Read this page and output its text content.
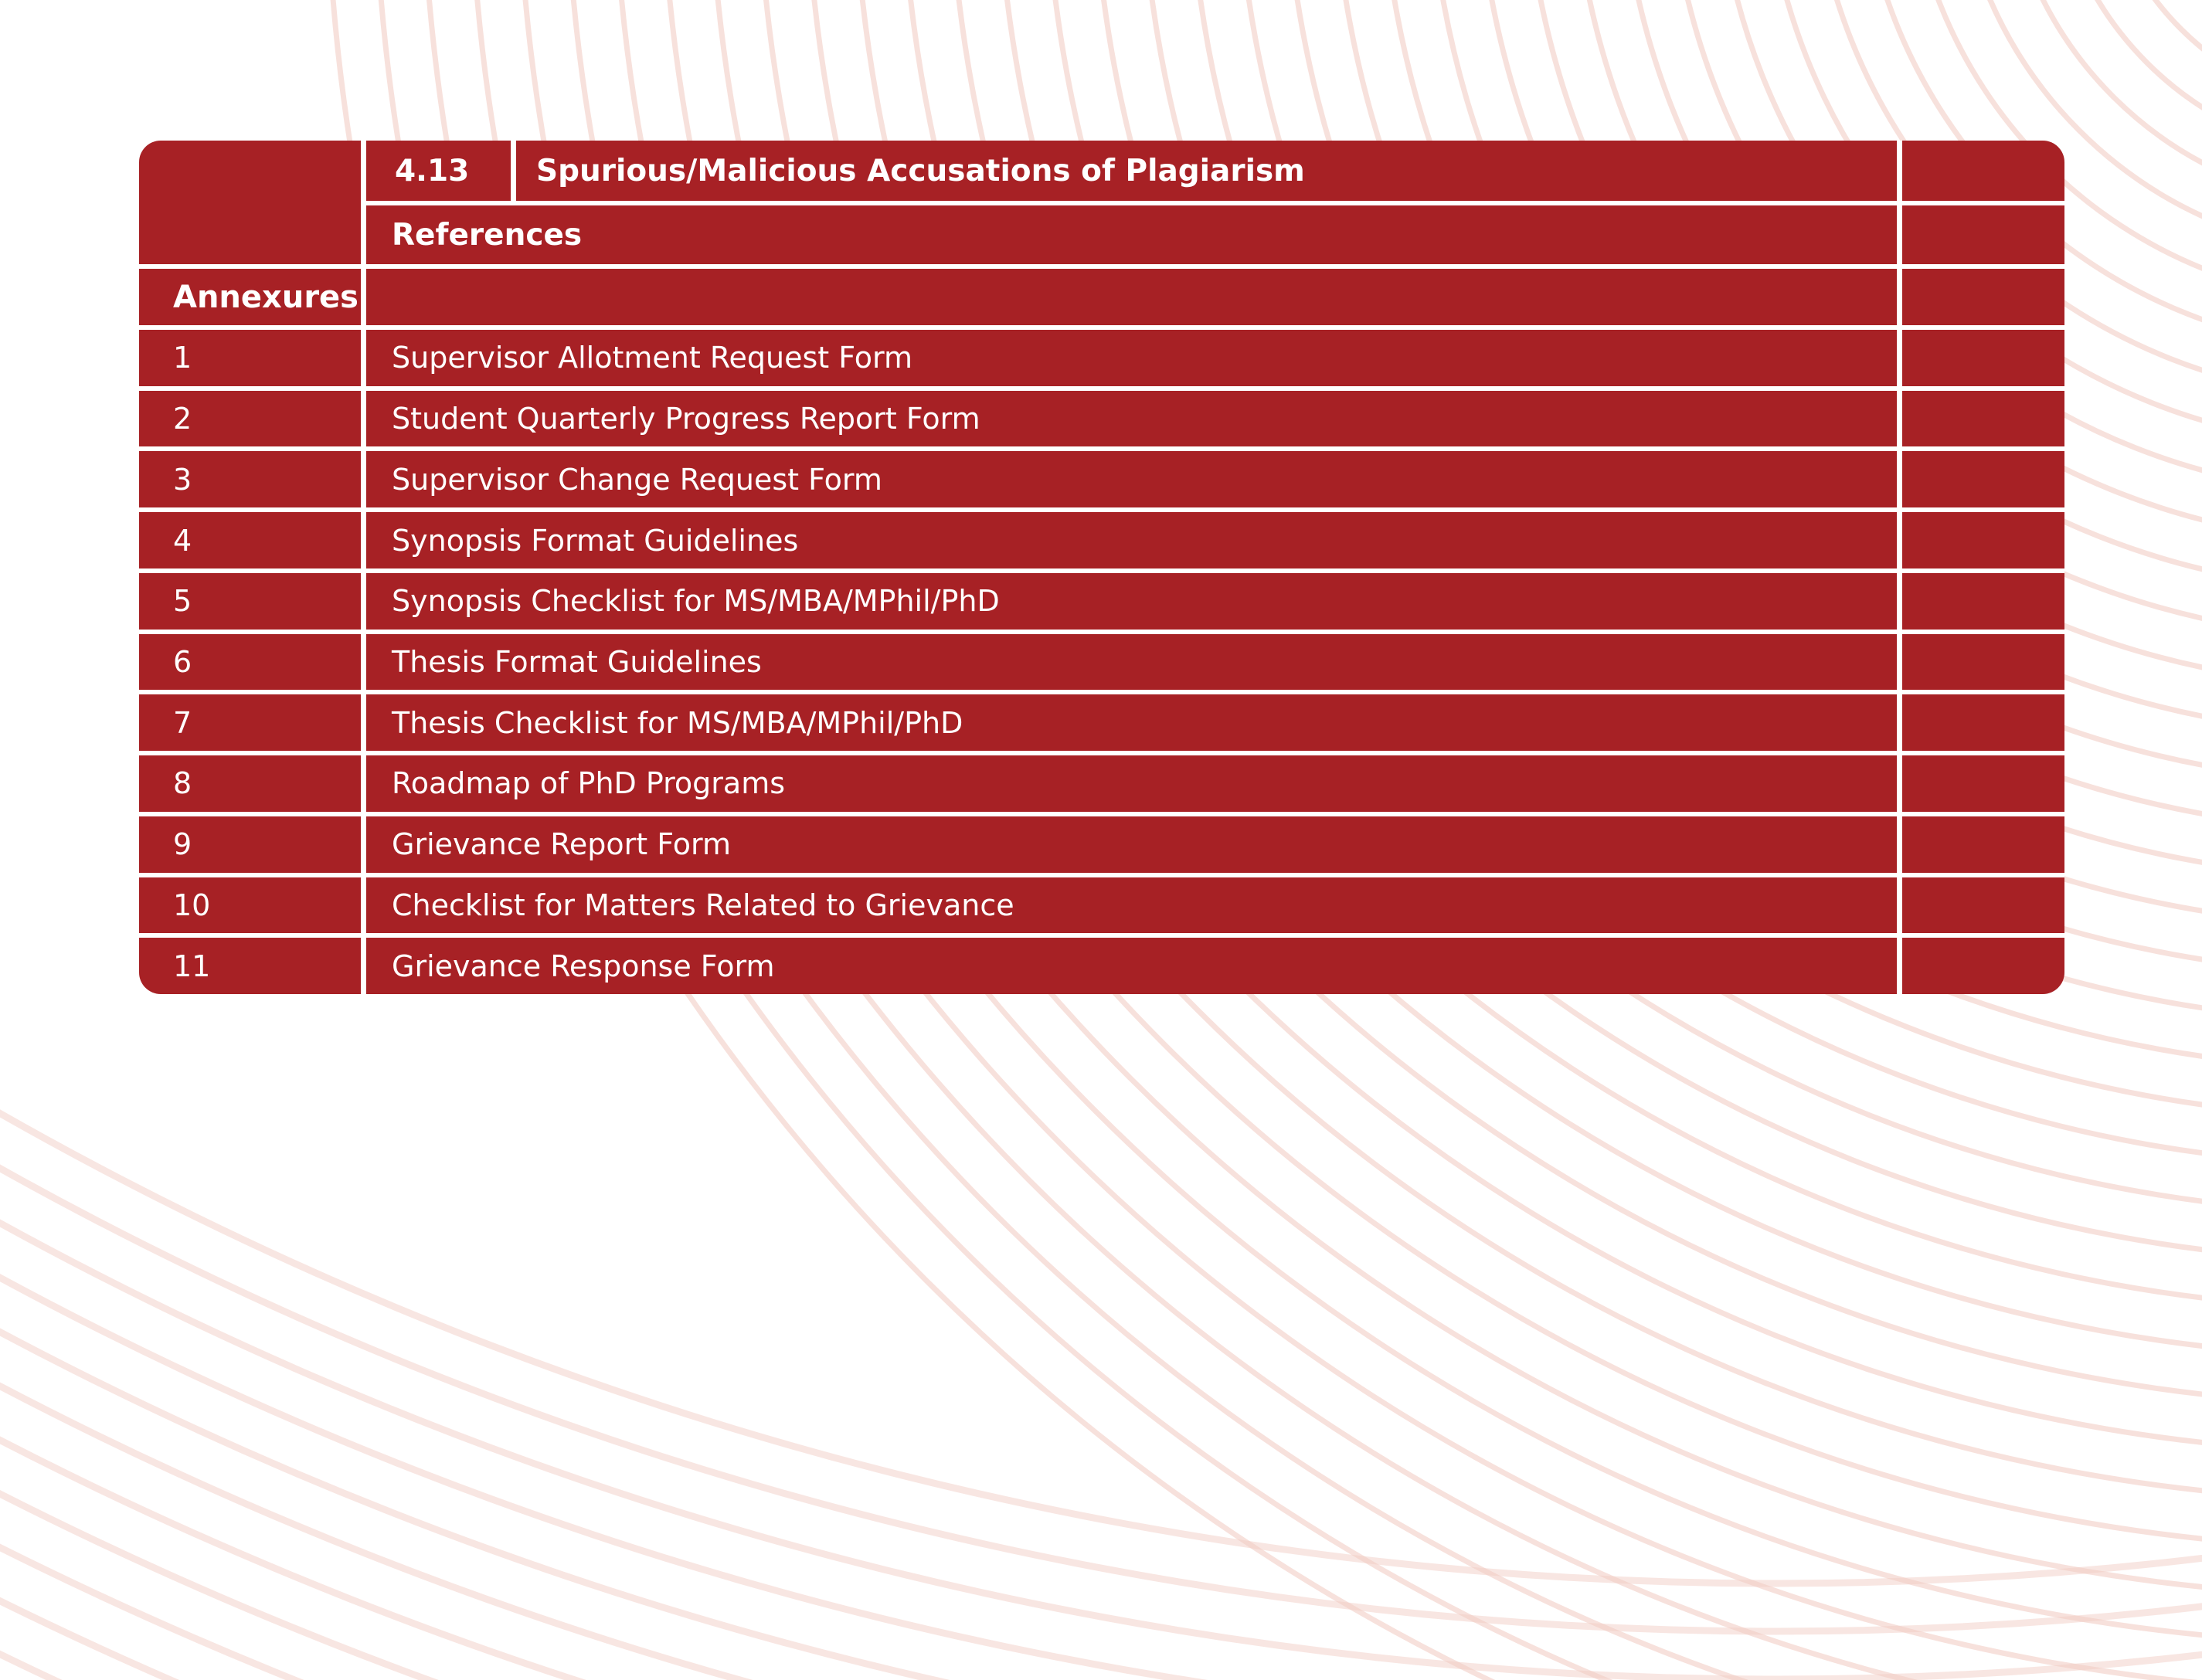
4.13	Spurious/Malicious Accusations of Plagiarism
References
Annexures
1	Supervisor Allotment Request Form
2	Student Quarterly Progress Report Form
3	Supervisor Change Request Form
4	Synopsis Format Guidelines
5	Synopsis Checklist for MS/MBA/MPhil/PhD
6	Thesis Format Guidelines
7	Thesis Checklist for MS/MBA/MPhil/PhD
8	Roadmap of PhD Programs
9	Grievance Report Form
10	Checklist for Matters Related to Grievance
11	Grievance Response Form
